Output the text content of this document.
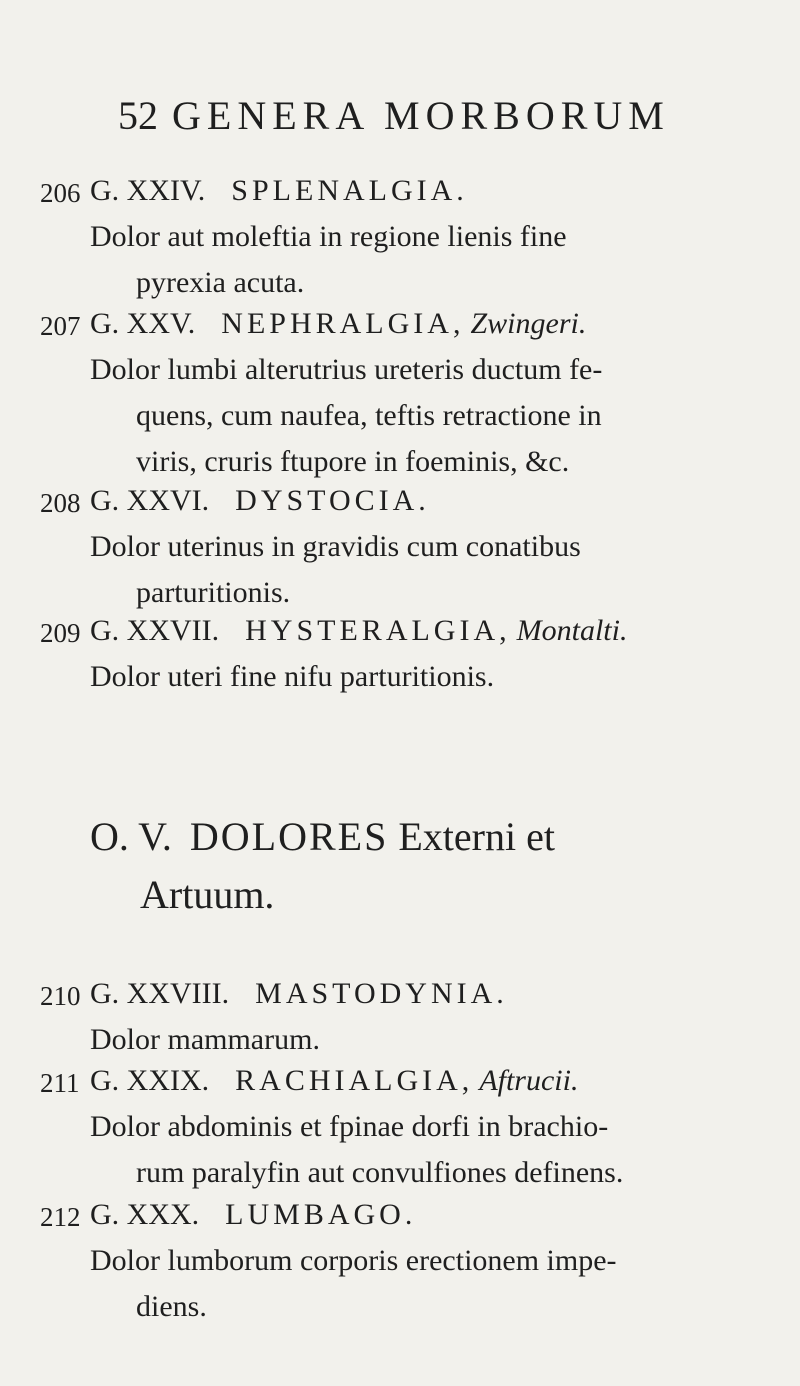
52 GENERA MORBORUM
206 G. XXIV. SPLENALGIA.
Dolor aut moleftia in regione lienis fine
pyrexia acuta.
207 G. XXV. NEPHRALGIA, Zwingeri.
Dolor lumbi alterutrius ureteris ductum fe-
quens, cum naufea, teftis retractione in
viris, cruris ftupore in foeminis, &c.
208 G. XXVI. DYSTOCIA.
Dolor uterinus in gravidis cum conatibus
parturitionis.
209 G. XXVII. HYSTERALGIA, Montalti.
Dolor uteri fine nifu parturitionis.
O. V. DOLORES Externi et
Artuum.
210 G. XXVIII. MASTODYNIA.
Dolor mammarum.
211 G. XXIX. RACHIALGIA, Aftrucii.
Dolor abdominis et fpinae dorfi in brachio-
rum paralyfin aut convulfiones definens.
212 G. XXX. LUMBAGO.
Dolor lumborum corporis erectionem impe-
diens.
